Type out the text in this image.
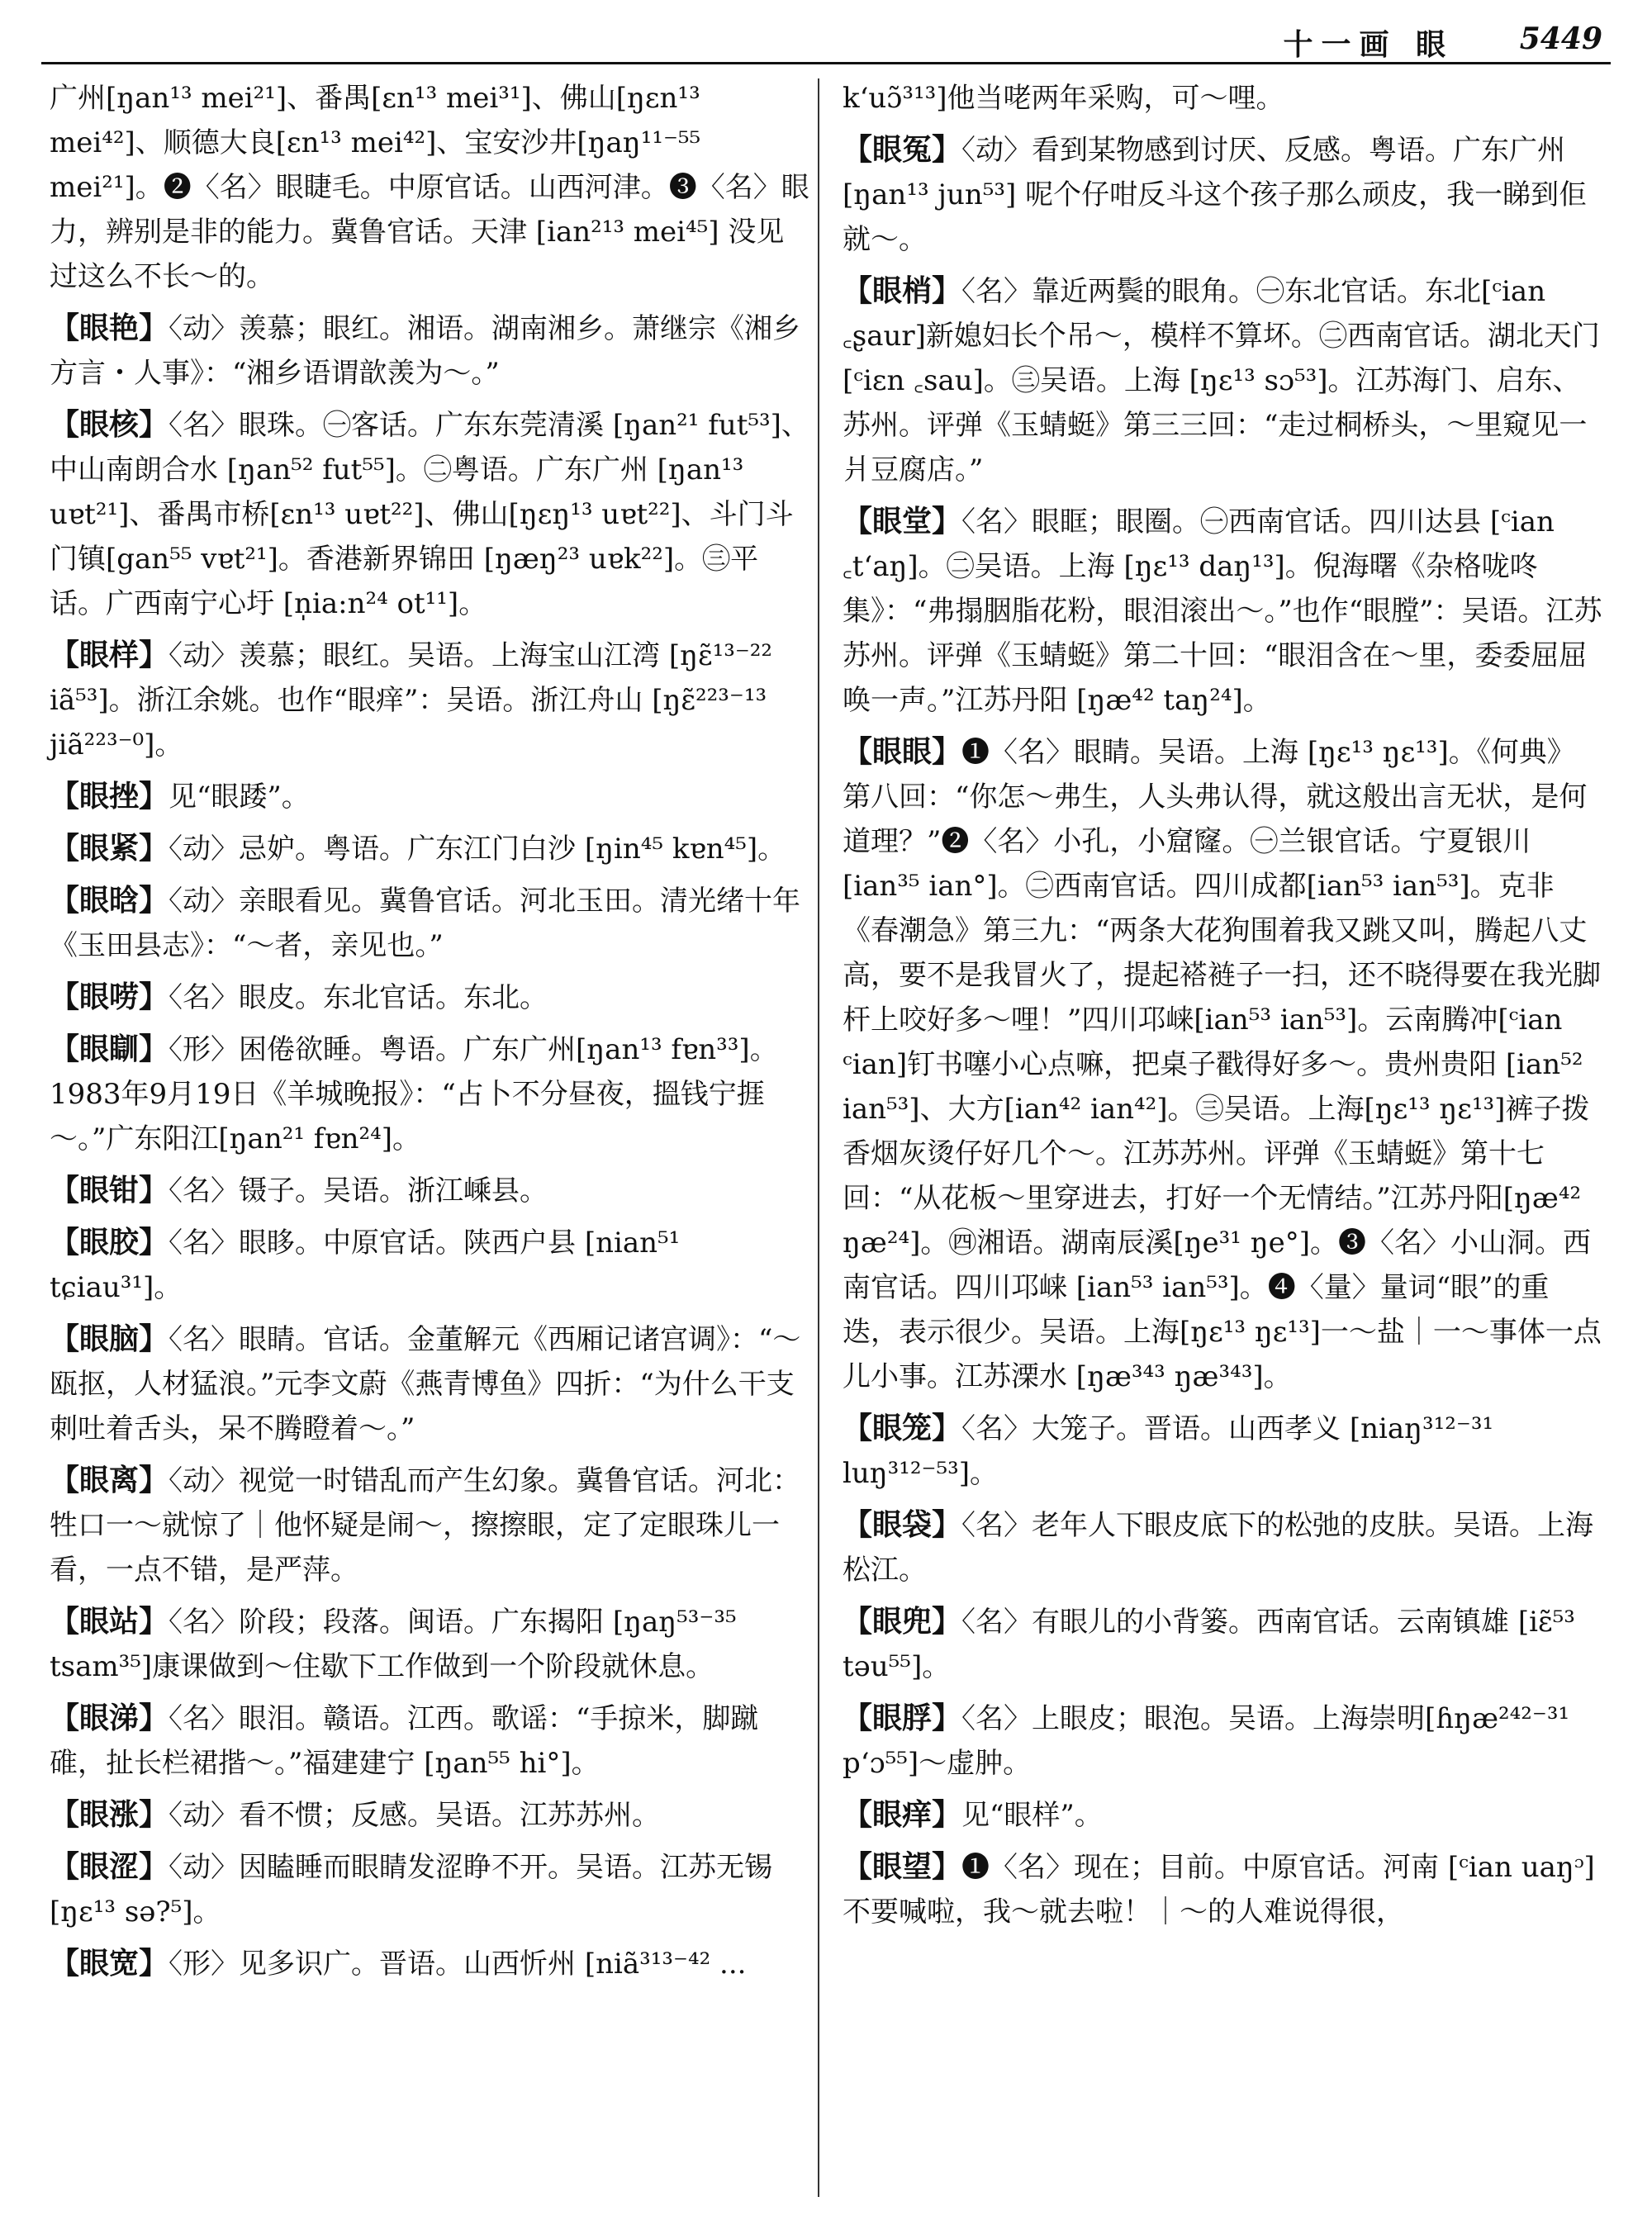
十一画 眼 5449

广州[ŋan¹³ mei²¹]、番禺[ɛn¹³ mei³¹]、佛山[ŋɛn¹³ mei⁴²]、顺德大良[ɛn¹³ mei⁴²]、宝安沙井[ŋaŋ¹¹⁻⁵⁵ mei²¹]。❷〈名〉眼睫毛。中原官话。山西河津。❸〈名〉眼力，辨别是非的能力。冀鲁官话。天津 [ian²¹³ mei⁴⁵] 没见过这么不长～的。

【眼艳】〈动〉羡慕；眼红。湘语。湖南湘乡。萧继宗《湘乡方言・人事》：“湘乡语谓歆羡为～。”

【眼核】〈名〉眼珠。㊀客话。广东东莞清溪 [ŋan²¹ fut⁵³]、中山南朗合水 [ŋan⁵² fut⁵⁵]。㊁粤语。广东广州 [ŋan¹³ uɐt²¹]、番禺市桥[ɛn¹³ uɐt²²]、佛山[ŋɛŋ¹³ uɐt²²]、斗门斗门镇[gan⁵⁵ vɐt²¹]。香港新界锦田 [ŋæŋ²³ uɐk²²]。㊂平话。广西南宁心圩 [n̩ia:n²⁴ ot¹¹]。

【眼样】〈动〉羡慕；眼红。吴语。上海宝山江湾 [ŋɛ̃¹³⁻²² iã⁵³]。浙江余姚。也作“眼痒”：吴语。浙江舟山 [ŋɛ̃²²³⁻¹³ jiã²²³⁻⁰]。

【眼挫】见“眼踒”。

【眼紧】〈动〉忌妒。粤语。广东江门白沙 [ŋin⁴⁵ kɐn⁴⁵]。

【眼晗】〈动〉亲眼看见。冀鲁官话。河北玉田。清光绪十年《玉田县志》：“～者，亲见也。”

【眼唠】〈名〉眼皮。东北官话。东北。

【眼瞓】〈形〉困倦欲睡。粤语。广东广州[ŋan¹³ fɐn³³]。1983年9月19日《羊城晚报》：“占卜不分昼夜，搵钱宁捱～。”广东阳江[ŋan²¹ fɐn²⁴]。

【眼钳】〈名〉镊子。吴语。浙江嵊县。

【眼胶】〈名〉眼眵。中原官话。陕西户县 [nian⁵¹ tɕiau³¹]。

【眼脑】〈名〉眼睛。官话。金董解元《西厢记诸宫调》：“～瓯抠，人材猛浪。”元李文蔚《燕青博鱼》四折：“为什么干支刺吐着舌头，呆不腾瞪着～。”

【眼离】〈动〉视觉一时错乱而产生幻象。冀鲁官话。河北：牲口一～就惊了｜他怀疑是闹～，擦擦眼，定了定眼珠儿一看，一点不错，是严萍。

【眼站】〈名〉阶段；段落。闽语。广东揭阳 [ŋaŋ⁵³⁻³⁵ tsam³⁵]康课做到～住歇下工作做到一个阶段就休息。

【眼涕】〈名〉眼泪。赣语。江西。歌谣：“手掠米，脚蹴碓，扯长栏裙揩～。”福建建宁 [ŋan⁵⁵ hi°]。

【眼涨】〈动〉看不惯；反感。吴语。江苏苏州。

【眼涩】〈动〉因瞌睡而眼睛发涩睁不开。吴语。江苏无锡[ŋɛ¹³ sə?⁵]。

【眼宽】〈形〉见多识广。晋语。山西忻州 [niã³¹³⁻⁴² ...

k‘uɔ̃³¹³]他当咾两年采购，可～哩。

【眼冤】〈动〉看到某物感到讨厌、反感。粤语。广东广州 [ŋan¹³ jun⁵³] 呢个仔咁反斗这个孩子那么顽皮，我一睇到佢就～。

【眼梢】〈名〉靠近两鬓的眼角。㊀东北官话。东北[ᶜian ꜀ʂaur]新媳妇长个吊～，模样不算坏。㊁西南官话。湖北天门[ᶜiɛn ꜀sau]。㊂吴语。上海 [ŋɛ¹³ sɔ⁵³]。江苏海门、启东、苏州。评弹《玉蜻蜓》第三三回：“走过桐桥头，～里窥见一爿豆腐店。”

【眼堂】〈名〉眼眶；眼圈。㊀西南官话。四川达县 [ᶜian ꜀t‘aŋ]。㊁吴语。上海 [ŋɛ¹³ daŋ¹³]。倪海曙《杂格咙咚集》：“弗搨胭脂花粉，眼泪滚出～。”也作“眼膛”：吴语。江苏苏州。评弹《玉蜻蜓》第二十回：“眼泪含在～里，委委屈屈唤一声。”江苏丹阳 [ŋæ⁴² taŋ²⁴]。

【眼眼】❶〈名〉眼睛。吴语。上海 [ŋɛ¹³ ŋɛ¹³]。《何典》第八回：“你怎～弗生，人头弗认得，就这般出言无状，是何道理？”❷〈名〉小孔，小窟窿。㊀兰银官话。宁夏银川[ian³⁵ ian°]。㊁西南官话。四川成都[ian⁵³ ian⁵³]。克非《春潮急》第三九：“两条大花狗围着我又跳又叫，腾起八丈高，要不是我冒火了，提起褡裢子一扫，还不晓得要在我光脚杆上咬好多～哩！”四川邛崃[ian⁵³ ian⁵³]。云南腾冲[ᶜian ᶜian]钉书噻小心点嘛，把桌子戳得好多～。贵州贵阳 [ian⁵² ian⁵³]、大方[ian⁴² ian⁴²]。㊂吴语。上海[ŋɛ¹³ ŋɛ¹³]裤子拨香烟灰烫仔好几个～。江苏苏州。评弹《玉蜻蜓》第十七回：“从花板～里穿进去，打好一个无情结。”江苏丹阳[ŋæ⁴² ŋæ²⁴]。㊃湘语。湖南辰溪[ŋe³¹ ŋe°]。❸〈名〉小山洞。西南官话。四川邛崃 [ian⁵³ ian⁵³]。❹〈量〉量词“眼”的重迭，表示很少。吴语。上海[ŋɛ¹³ ŋɛ¹³]一～盐｜一～事体一点儿小事。江苏溧水 [ŋæ³⁴³ ŋæ³⁴³]。

【眼笼】〈名〉大笼子。晋语。山西孝义 [niaŋ³¹²⁻³¹ luŋ³¹²⁻⁵³]。

【眼袋】〈名〉老年人下眼皮底下的松弛的皮肤。吴语。上海松江。

【眼兜】〈名〉有眼儿的小背篓。西南官话。云南镇雄 [iɛ̃⁵³ təu⁵⁵]。

【眼脬】〈名〉上眼皮；眼泡。吴语。上海崇明[ɦŋæ²⁴²⁻³¹ p‘ɔ⁵⁵]～虚肿。

【眼痒】见“眼样”。

【眼望】❶〈名〉现在；目前。中原官话。河南 [ᶜian uaŋᵓ] 不要喊啦，我～就去啦！｜～的人难说得很，
